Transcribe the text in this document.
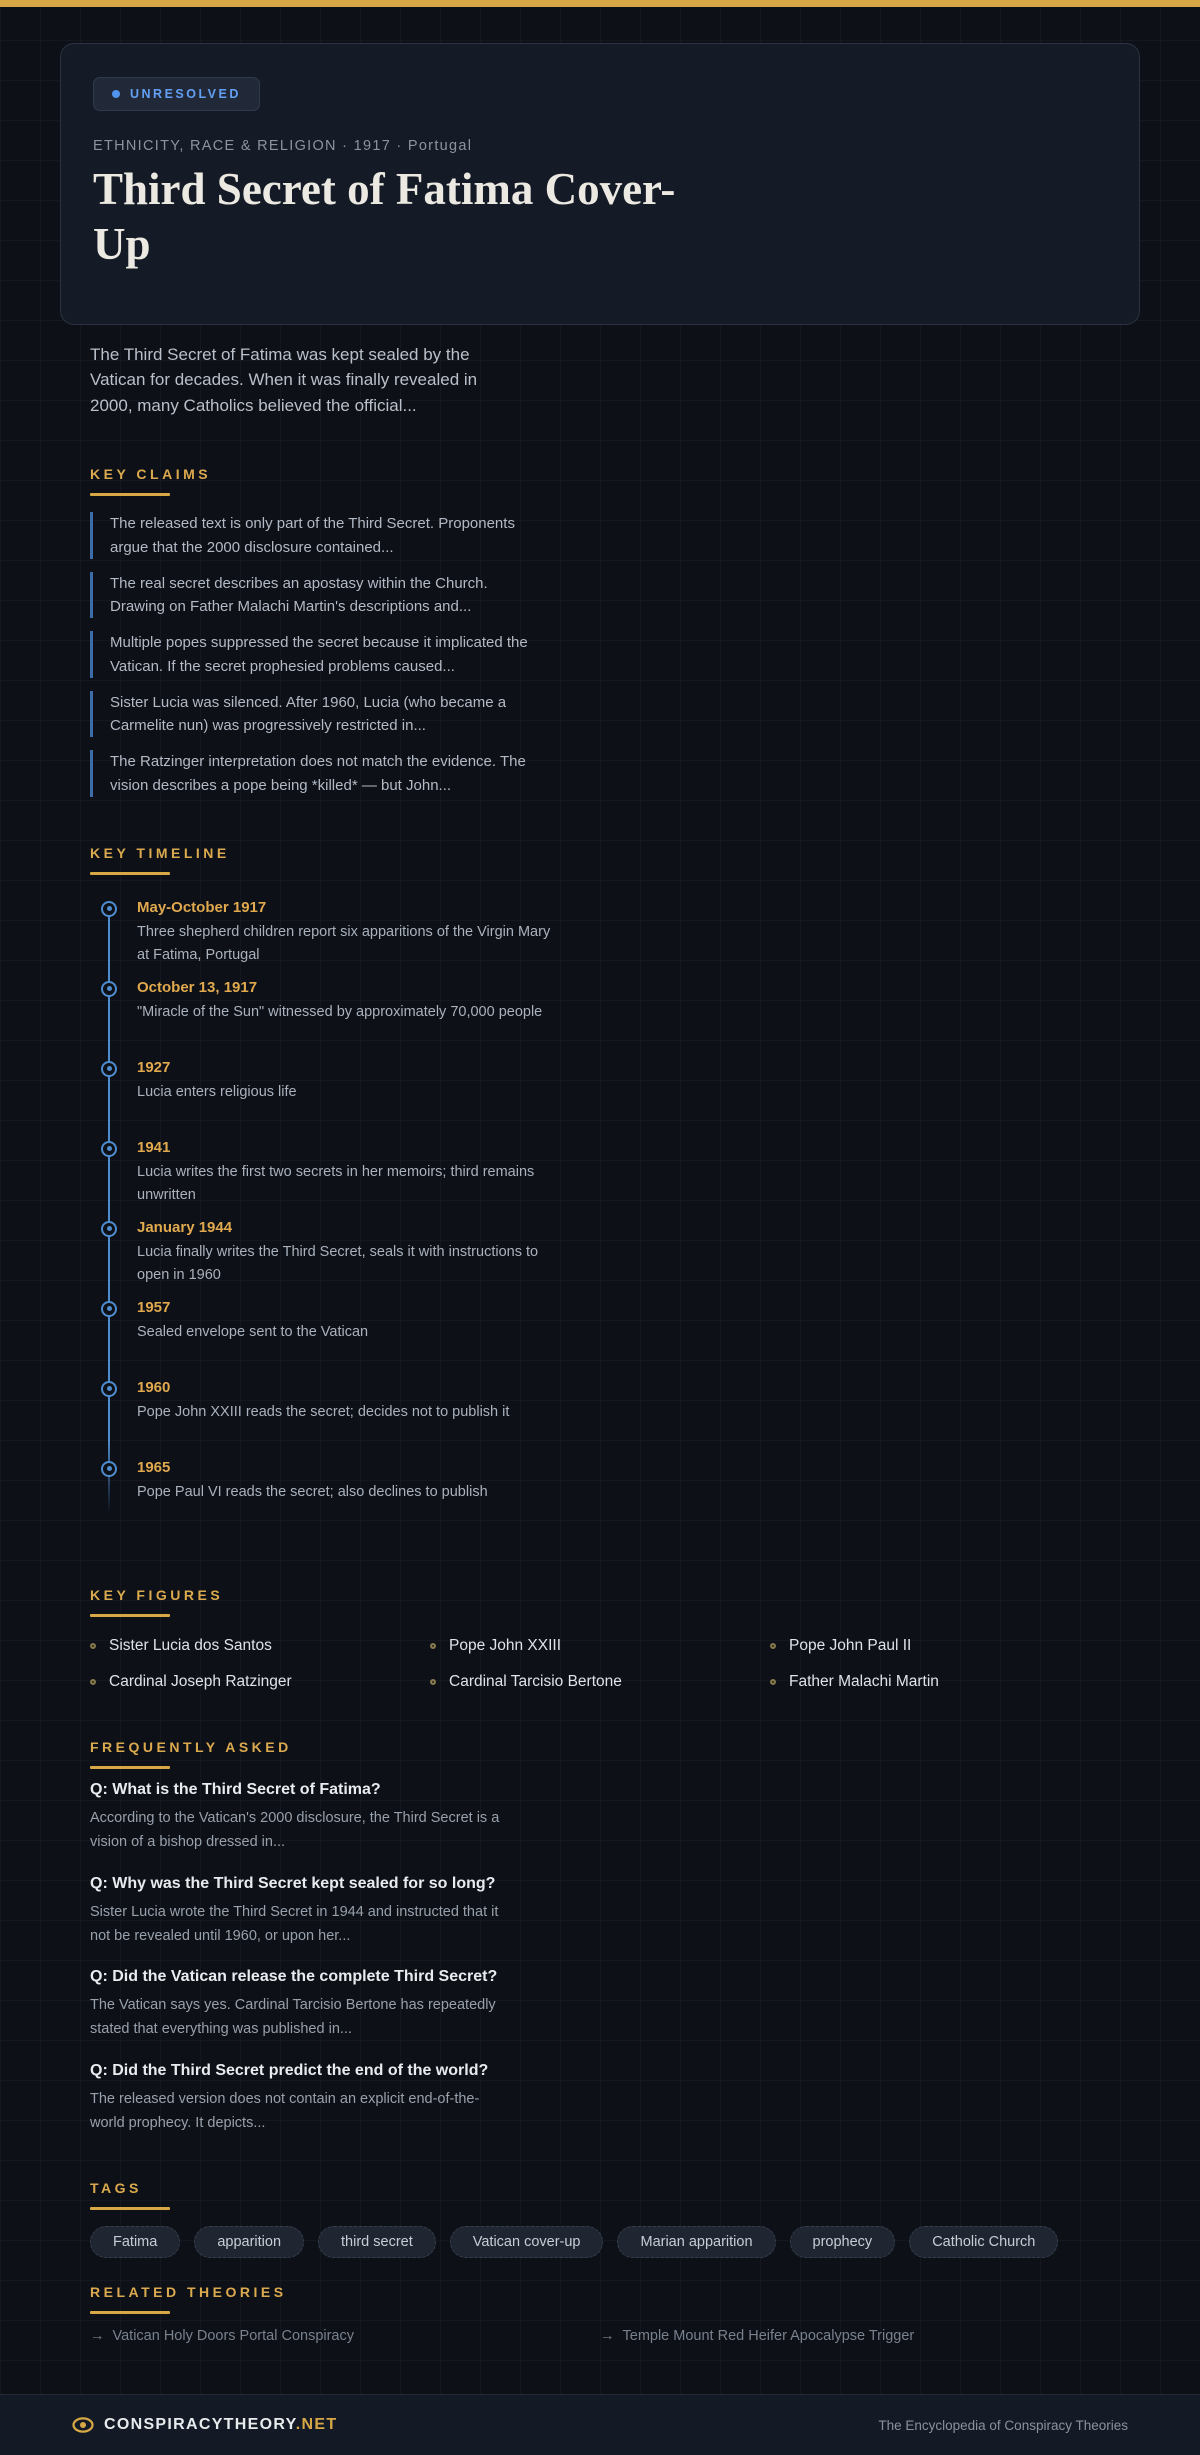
UNRESOLVED
ETHNICITY, RACE & RELIGION · 1917 · Portugal
Third Secret of Fatima Cover-Up

The Third Secret of Fatima was kept sealed by the Vatican for decades. When it was finally revealed in 2000, many Catholics believed the official...

KEY CLAIMS
The released text is only part of the Third Secret. Proponents argue that the 2000 disclosure contained...
The real secret describes an apostasy within the Church. Drawing on Father Malachi Martin's descriptions and...
Multiple popes suppressed the secret because it implicated the Vatican. If the secret prophesied problems caused...
Sister Lucia was silenced. After 1960, Lucia (who became a Carmelite nun) was progressively restricted in...
The Ratzinger interpretation does not match the evidence. The vision describes a pope being *killed* — but John...
KEY TIMELINE
May-October 1917
Three shepherd children report six apparitions of the Virgin Mary at Fatima, Portugal
October 13, 1917
"Miracle of the Sun" witnessed by approximately 70,000 people
1927
Lucia enters religious life
1941
Lucia writes the first two secrets in her memoirs; third remains unwritten
January 1944
Lucia finally writes the Third Secret, seals it with instructions to open in 1960
1957
Sealed envelope sent to the Vatican
1960
Pope John XXIII reads the secret; decides not to publish it
1965
Pope Paul VI reads the secret; also declines to publish
KEY FIGURES
Sister Lucia dos Santos	Pope John XXIII	Pope John Paul II
Cardinal Joseph Ratzinger	Cardinal Tarcisio Bertone	Father Malachi Martin
FREQUENTLY ASKED
Q: What is the Third Secret of Fatima?

According to the Vatican's 2000 disclosure, the Third Secret is a vision of a bishop dressed in...

Q: Why was the Third Secret kept sealed for so long?

Sister Lucia wrote the Third Secret in 1944 and instructed that it not be revealed until 1960, or upon her...

Q: Did the Vatican release the complete Third Secret?

The Vatican says yes. Cardinal Tarcisio Bertone has repeatedly stated that everything was published in...

Q: Did the Third Secret predict the end of the world?

The released version does not contain an explicit end-of-the-world prophecy. It depicts...

TAGS
Fatima	apparition	third secret	Vatican cover-up	Marian apparition	prophecy	Catholic Church
RELATED THEORIES
→ Vatican Holy Doors Portal Conspiracy	→ Temple Mount Red Heifer Apocalypse Trigger
CONSPIRACYTHEORY.NET	The Encyclopedia of Conspiracy Theories
